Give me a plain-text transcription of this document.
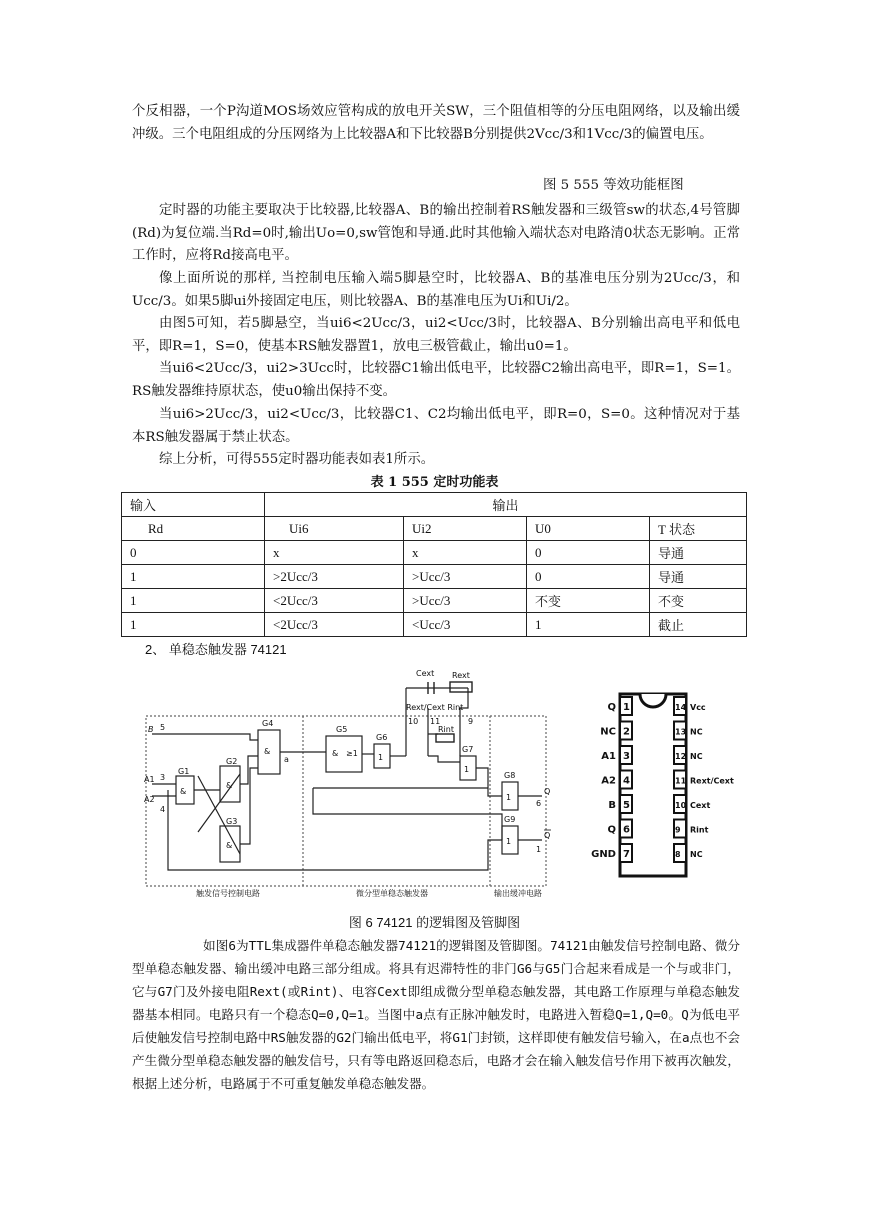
个反相器，一个P沟道MOS场效应管构成的放电开关SW，三个阻值相等的分压电阻网络，以及输出缓冲级。三个电阻组成的分压网络为上比较器A和下比较器B分别提供2Vcc/3和1Vcc/3的偏置电压。

图 5 555 等效功能框图

定时器的功能主要取决于比较器,比较器A、B的输出控制着RS触发器和三级管sw的状态,4号管脚(Rd)为复位端.当Rd=0时,输出Uo=0,sw管饱和导通.此时其他输入端状态对电路清0状态无影响。正常工作时，应将Rd接高电平。

像上面所说的那样, 当控制电压输入端5脚悬空时，比较器A、B的基准电压分别为2Ucc/3，和Ucc/3。如果5脚ui外接固定电压，则比较器A、B的基准电压为Ui和Ui/2。

由图5可知，若5脚悬空，当ui6<2Ucc/3，ui2<Ucc/3时，比较器A、B分别输出高电平和低电平，即R=1，S=0，使基本RS触发器置1，放电三极管截止，输出u0=1。

当ui6<2Ucc/3，ui2>3Ucc时，比较器C1输出低电平，比较器C2输出高电平，即R=1，S=1。 RS触发器维持原状态，使u0输出保持不变。

当ui6>2Ucc/3，ui2<Ucc/3，比较器C1、C2均输出低电平，即R=0，S=0。这种情况对于基本RS触发器属于禁止状态。

综上分析，可得555定时器功能表如表1所示。

表 1 555 定时功能表
输入	输出			
Rd	Ui6	Ui2	U0	T 状态
0	x	x	0	导通
1	>2Ucc/3	>Ucc/3	0	导通
1	<2Ucc/3	>Ucc/3	不变	不变
1	<2Ucc/3	<Ucc/3	1	截止
2、 单稳态触发器 74121
Cext Rext
Rext/Cext Rint
10 11	9
Rint
G1
G2
G3
G4
G5
G6
G7
G8
G9
&
&
&
&	& ≥1	1
1
1
1
B 5
A1
A2
3
4
a
Q
6
Q
1
触发信号控制电路	微分型单稳态触发器	输出缓冲电路
1
Q
2
NC
3
A1
4
A2
5
B
6
Q
7
GND
14 Vcc
13 NC
12 NC
11 Rext/Cext
10 Cext
9 Rint
8 NC
图 6 74121 的逻辑图及管脚图

如图6为TTL集成器件单稳态触发器74121的逻辑图及管脚图。74121由触发信号控制电路、微分型单稳态触发器、输出缓冲电路三部分组成。将具有迟滞特性的非门G6与G5门合起来看成是一个与或非门，它与G7门及外接电阻Rext(或Rint)、电容Cext即组成微分型单稳态触发器，其电路工作原理与单稳态触发器基本相同。电路只有一个稳态Q=0,Q=1。当图中a点有正脉冲触发时，电路进入暂稳Q=1,Q=0。Q为低电平后使触发信号控制电路中RS触发器的G2门输出低电平，将G1门封锁，这样即使有触发信号输入，在a点也不会产生微分型单稳态触发器的触发信号，只有等电路返回稳态后，电路才会在输入触发信号作用下被再次触发，根据上述分析，电路属于不可重复触发单稳态触发器。
